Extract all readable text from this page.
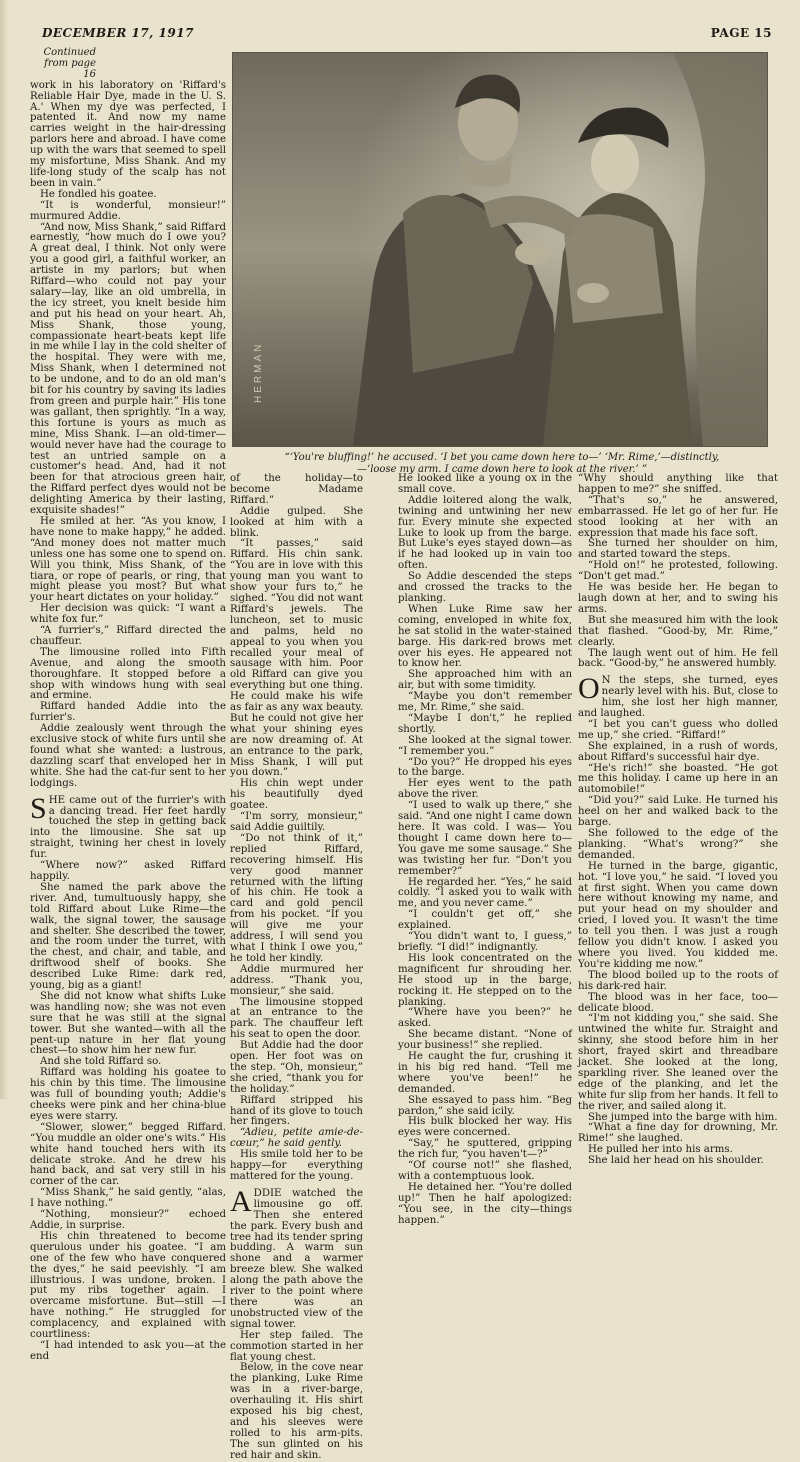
DECEMBER 17, 1917	PAGE 15
Continued from page 16

work in his laboratory on 'Riffard's Reliable Hair Dye, made in the U. S. A.' When my dye was perfected, I patented it. And now my name carries weight in the hair-dressing parlors here and abroad. I have come up with the wars that seemed to spell my misfortune, Miss Shank. And my life-long study of the scalp has not been in vain.”

He fondled his goatee.

“It is wonderful, monsieur!” murmured Addie.

“And now, Miss Shank,” said Riffard earnestly, “how much do I owe you? A great deal, I think. Not only were you a good girl, a faithful worker, an artiste in my parlors; but when Riffard—who could not pay your salary—lay, like an old umbrella, in the icy street, you knelt beside him and put his head on your heart. Ah, Miss Shank, those young, compassionate heart-beats kept life in me while I lay in the cold shelter of the hospital. They were with me, Miss Shank, when I determined not to be undone, and to do an old man's bit for his country by saving its ladies from green and purple hair.” His tone was gallant, then sprightly. “In a way, this fortune is yours as much as mine, Miss Shank. I—an old-timer—would never have had the courage to test an untried sample on a customer's head. And, had it not been for that atrocious green hair, the Riffard perfect dyes would not be delighting America by their lasting, exquisite shades!”

He smiled at her. “As you know, I have none to make happy,” he added. “And money does not matter much unless one has some one to spend on. Will you think, Miss Shank, of the tiara, or rope of pearls, or ring, that might please you most? But what your heart dictates on your holiday.”

Her decision was quick: “I want a white fox fur.”

“A furrier's,” Riffard directed the chauffeur.

The limousine rolled into Fifth Avenue, and along the smooth thoroughfare. It stopped before a shop with windows hung with seal and ermine.

Riffard handed Addie into the furrier's.

Addie zealously went through the exclusive stock of white furs until she found what she wanted: a lustrous, dazzling scarf that enveloped her in white. She had the cat-fur sent to her lodgings.

SHE came out of the furrier's with a dancing tread. Her feet hardly touched the step in getting back into the limousine. She sat up straight, twining her chest in lovely fur.

“Where now?” asked Riffard happily.

She named the park above the river. And, tumultuously happy, she told Riffard about Luke Rime—the walk, the signal tower, the sausage and shelter. She described the tower, and the room under the turret, with the chest, and chair, and table, and driftwood shelf of books. She described Luke Rime: dark red, young, big as a giant!

She did not know what shifts Luke was handling now; she was not even sure that he was still at the signal tower. But she wanted—with all the pent-up nature in her flat young chest—to show him her new fur.

And she told Riffard so.

Riffard was holding his goatee to his chin by this time. The limousine was full of bounding youth; Addie's cheeks were pink and her china-blue eyes were starry.

“Slower, slower,” begged Riffard. “You muddle an older one's wits.” His white hand touched hers with its delicate stroke. And he drew his hand back, and sat very still in his corner of the car.

“Miss Shank,” he said gently, “alas, I have nothing.”

“Nothing, monsieur?” echoed Addie, in surprise.

His chin threatened to become querulous under his goatee. “I am one of the few who have conquered the dyes,” he said peevishly. “I am illustrious. I was undone, broken. I put my ribs together again. I overcame misfortune. But—still —I have nothing.” He struggled for complacency, and explained with courtliness:

“I had intended to ask you—at the end

HERMAN
“‘You're bluffing!’ he accused. ‘I bet you came down here to—’ ‘Mr. Rime,’—distinctly,—‘loose my arm. I came down here to look at the river.’ ”

of the holiday—to become Madame Riffard.”

Addie gulped. She looked at him with a blink.

“It passes,” said Riffard. His chin sank. “You are in love with this young man you want to show your furs to,” he sighed. “You did not want Riffard's jewels. The luncheon, set to music and palms, held no appeal to you when you recalled your meal of sausage with him. Poor old Riffard can give you everything but one thing. He could make his wife as fair as any wax beauty. But he could not give her what your shining eyes are now dreaming of. At an entrance to the park, Miss Shank, I will put you down.”

His chin wept under his beautifully dyed goatee.

“I'm sorry, monsieur,” said Addie guiltily.

“Do not think of it,” replied Riffard, recovering himself. His very good manner returned with the lifting of his chin. He took a card and gold pencil from his pocket. “If you will give me your address, I will send you what I think I owe you,” he told her kindly.

Addie murmured her address. “Thank you, monsieur,” she said.

The limousine stopped at an entrance to the park. The chauffeur left his seat to open the door.

But Addie had the door open. Her foot was on the step. “Oh, monsieur,” she cried, “thank you for the holiday.”

Riffard stripped his hand of its glove to touch her fingers.

“Adieu, petite amie-de-cœur,” he said gently.

His smile told her to be happy—for everything mattered for the young.

ADDIE watched the limousine go off. Then she entered the park. Every bush and tree had its tender spring budding. A warm sun shone and a warmer breeze blew. She walked along the path above the river to the point where there was an unobstructed view of the signal tower.

Her step failed. The commotion started in her flat young chest.

Below, in the cove near the planking, Luke Rime was in a river-barge, overhauling it. His shirt exposed his big chest, and his sleeves were rolled to his arm-pits. The sun glinted on his red hair and skin.

He looked like a young ox in the small cove.

Addie loitered along the walk, twining and untwining her new fur. Every minute she expected Luke to look up from the barge. But Luke's eyes stayed down—as if he had looked up in vain too often.

So Addie descended the steps and crossed the tracks to the planking.

When Luke Rime saw her coming, enveloped in white fox, he sat stolid in the water-stained barge. His dark-red brows met over his eyes. He appeared not to know her.

She approached him with an air, but with some timidity.

“Maybe you don't remember me, Mr. Rime,” she said.

“Maybe I don't,” he replied shortly.

She looked at the signal tower. “I remember you.”

“Do you?” He dropped his eyes to the barge.

Her eyes went to the path above the river.

“I used to walk up there,” she said. “And one night I came down here. It was cold. I was— You thought I came down here to— You gave me some sausage.” She was twisting her fur. “Don't you remember?”

He regarded her. “Yes,” he said coldly. “I asked you to walk with me, and you never came.”

“I couldn't get off,” she explained.

“You didn't want to, I guess,” briefly. “I did!” indignantly.

His look concentrated on the magnificent fur shrouding her. He stood up in the barge, rocking it. He stepped on to the planking.

“Where have you been?” he asked.

She became distant. “None of your business!” she replied.

He caught the fur, crushing it in his big red hand. “Tell me where you've been!” he demanded.

She essayed to pass him. “Beg pardon,” she said icily.

His bulk blocked her way. His eyes were concerned.

“Say,” he sputtered, gripping the rich fur, “you haven't—?”

“Of course not!” she flashed, with a contemptuous look.

He detained her. “You're dolled up!” Then he half apologized: “You see, in the city—things happen.”

“Why should anything like that happen to me?” she sniffed.

“That's so,” he answered, embarrassed. He let go of her fur. He stood looking at her with an expression that made his face soft.

She turned her shoulder on him, and started toward the steps.

“Hold on!” he protested, following. “Don't get mad.”

He was beside her. He began to laugh down at her, and to swing his arms.

But she measured him with the look that flashed. “Good-by, Mr. Rime,” clearly.

The laugh went out of him. He fell back. “Good-by,” he answered humbly.

O N the steps, she turned, eyes nearly level with his. But, close to him, she lost her high manner, and laughed.

“I bet you can't guess who dolled me up,” she cried. “Riffard!”

She explained, in a rush of words, about Riffard's successful hair dye.

“He's rich!” she boasted. “He got me this holiday. I came up here in an automobile!”

“Did you?” said Luke. He turned his heel on her and walked back to the barge.

She followed to the edge of the planking. “What's wrong?” she demanded.

He turned in the barge, gigantic, hot. “I love you,” he said. “I loved you at first sight. When you came down here without knowing my name, and put your head on my shoulder and cried, I loved you. It wasn't the time to tell you then. I was just a rough fellow you didn't know. I asked you where you lived. You kidded me. You're kidding me now.”

The blood boiled up to the roots of his dark-red hair.

The blood was in her face, too—delicate blood.

“I'm not kidding you,” she said. She untwined the white fur. Straight and skinny, she stood before him in her short, frayed skirt and threadbare jacket. She looked at the long, sparkling river. She leaned over the edge of the planking, and let the white fur slip from her hands. It fell to the river, and sailed along it.

She jumped into the barge with him.

“What a fine day for drowning, Mr. Rime!” she laughed.

He pulled her into his arms.

She laid her head on his shoulder.
